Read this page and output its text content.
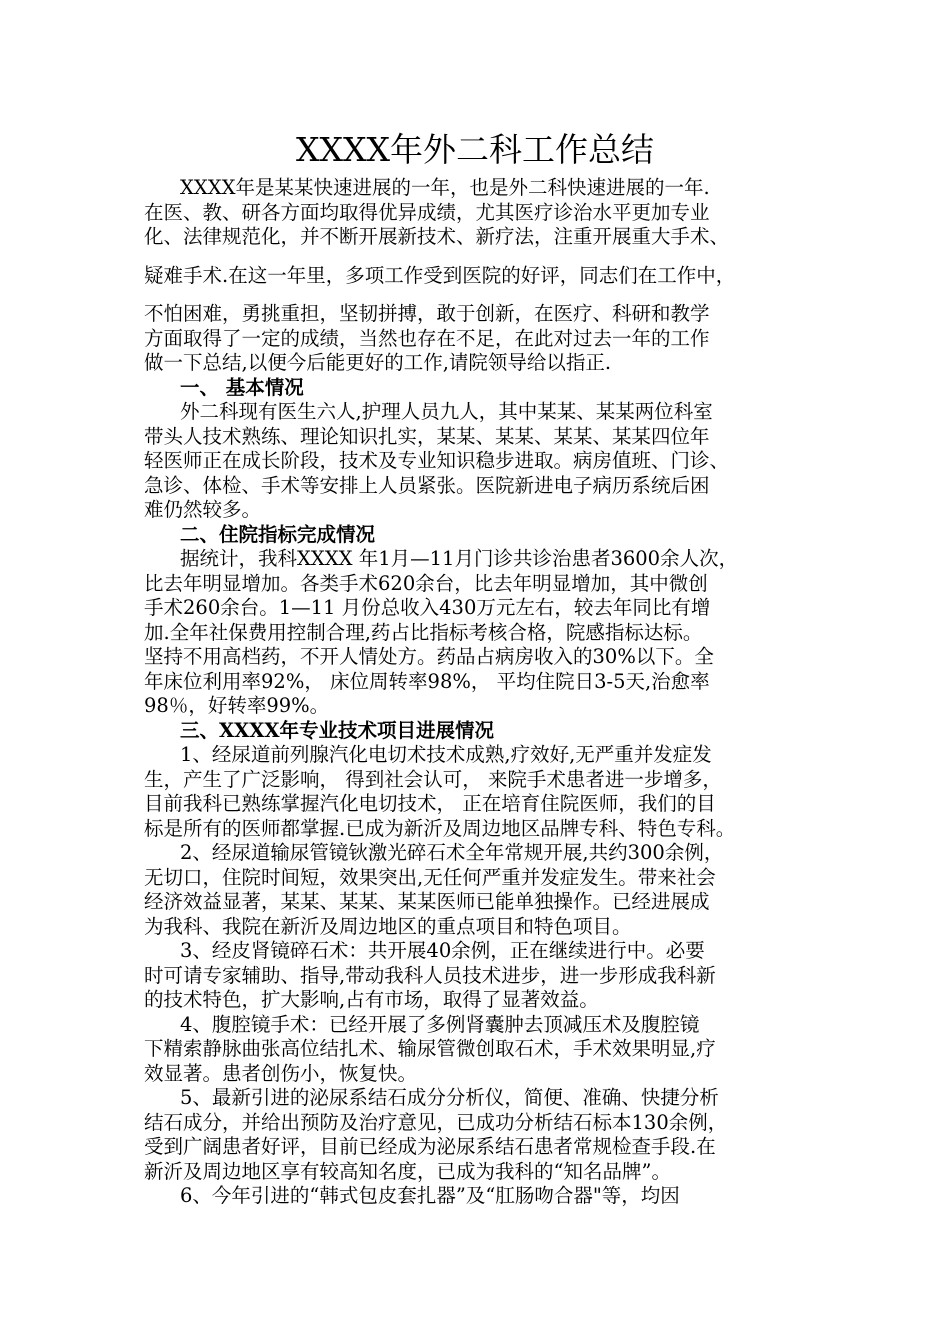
XXXX年外二科工作总结
XXXX年是某某快速进展的一年，也是外二科快速进展的一年.
在医、教、研各方面均取得优异成绩，尤其医疗诊治水平更加专业
化、法律规范化，并不断开展新技术、新疗法，注重开展重大手术、
疑难手术.在这一年里，多项工作受到医院的好评，同志们在工作中，
不怕困难，勇挑重担，坚韧拼搏，敢于创新，在医疗、科研和教学
方面取得了一定的成绩，当然也存在不足，在此对过去一年的工作
做一下总结,以便今后能更好的工作,请院领导给以指正.
一、 基本情况
外二科现有医生六人,护理人员九人，其中某某、某某两位科室
带头人技术熟练、理论知识扎实，某某、某某、某某、某某四位年
轻医师正在成长阶段，技术及专业知识稳步进取。病房值班、门诊、
急诊、体检、手术等安排上人员紧张。医院新进电子病历系统后困
难仍然较多。
二、住院指标完成情况
据统计，我科XXXX 年1月—11月门诊共诊治患者3600余人次，
比去年明显增加。各类手术620余台，比去年明显增加，其中微创
手术260余台。1—11 月份总收入430万元左右，较去年同比有增
加.全年社保费用控制合理,药占比指标考核合格，院感指标达标。
坚持不用高档药，不开人情处方。药品占病房收入的30%以下。全
年床位利用率92%， 床位周转率98%， 平均住院日3-5天,治愈率
98％，好转率99%。
三、XXXX年专业技术项目进展情况
1、经尿道前列腺汽化电切术技术成熟,疗效好,无严重并发症发
生，产生了广泛影响， 得到社会认可， 来院手术患者进一步增多，
目前我科已熟练掌握汽化电切技术， 正在培育住院医师，我们的目
标是所有的医师都掌握.已成为新沂及周边地区品牌专科、特色专科。
2、经尿道输尿管镜钬激光碎石术全年常规开展,共约300余例，
无切口，住院时间短，效果突出,无任何严重并发症发生。带来社会
经济效益显著，某某、某某、某某医师已能单独操作。已经进展成
为我科、我院在新沂及周边地区的重点项目和特色项目。
3、经皮肾镜碎石术：共开展40余例，正在继续进行中。必要
时可请专家辅助、指导,带动我科人员技术进步，进一步形成我科新
的技术特色，扩大影响,占有市场，取得了显著效益。
4、腹腔镜手术：已经开展了多例肾囊肿去顶减压术及腹腔镜
下精索静脉曲张高位结扎术、输尿管微创取石术，手术效果明显,疗
效显著。患者创伤小，恢复快。
5、最新引进的泌尿系结石成分分析仪，简便、准确、快捷分析
结石成分，并给出预防及治疗意见，已成功分析结石标本130余例，
受到广阔患者好评，目前已经成为泌尿系结石患者常规检查手段.在
新沂及周边地区享有较高知名度，已成为我科的“知名品牌”。
6、今年引进的“韩式包皮套扎器”及“肛肠吻合器"等，均因
